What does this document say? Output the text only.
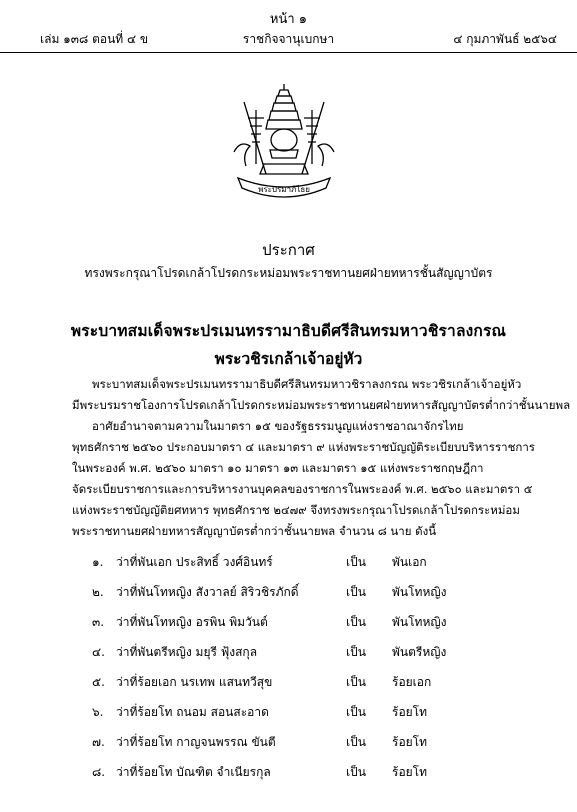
หน้า ๑
เล่ม ๑๓๘ ตอนที่ ๔ ข	ราชกิจจานุเบกษา	๔ กุมภาพันธ์ ๒๕๖๔
พระปรมาภิไธย
ประกาศ
ทรงพระกรุณาโปรดเกล้าโปรดกระหม่อมพระราชทานยศฝ่ายทหารชั้นสัญญาบัตร
พระบาทสมเด็จพระปรเมนทรรามาธิบดีศรีสินทรมหาวชิราลงกรณ
พระวชิรเกล้าเจ้าอยู่หัว
พระบาทสมเด็จพระปรเมนทรรามาธิบดีศรีสินทรมหาวชิราลงกรณ พระวชิรเกล้าเจ้าอยู่หัว
มีพระบรมราชโองการโปรดเกล้าโปรดกระหม่อมพระราชทานยศฝ่ายทหารสัญญาบัตรต่ำกว่าชั้นนายพล
อาศัยอำนาจตามความในมาตรา ๑๕ ของรัฐธรรมนูญแห่งราชอาณาจักรไทย
พุทธศักราช ๒๕๖๐ ประกอบมาตรา ๔ และมาตรา ๙ แห่งพระราชบัญญัติระเบียบบริหารราชการ
ในพระองค์ พ.ศ. ๒๕๖๐ มาตรา ๑๐ มาตรา ๑๓ และมาตรา ๑๕ แห่งพระราชกฤษฎีกา
จัดระเบียบราชการและการบริหารงานบุคคลของราชการในพระองค์ พ.ศ. ๒๕๖๐ และมาตรา ๕
แห่งพระราชบัญญัติยศทหาร พุทธศักราช ๒๔๗๙ จึงทรงพระกรุณาโปรดเกล้าโปรดกระหม่อม
พระราชทานยศฝ่ายทหารสัญญาบัตรต่ำกว่าชั้นนายพล จำนวน ๘ นาย ดังนี้
๑. ว่าที่พันเอก ประสิทธิ์ วงศ์อินทร์	เป็น พันเอก
๒. ว่าที่พันโทหญิง สังวาลย์ สิริวชิรภักดิ์	เป็น พันโทหญิง
๓. ว่าที่พันโทหญิง อรพิน พิมวันต์	เป็น พันโทหญิง
๔. ว่าที่พันตรีหญิง มยุรี ฟุ้งสกุล	เป็น พันตรีหญิง
๕. ว่าที่ร้อยเอก นรเทพ แสนทวีสุข	เป็น ร้อยเอก
๖. ว่าที่ร้อยโท ถนอม สอนสะอาด	เป็น ร้อยโท
๗. ว่าที่ร้อยโท กาญจนพรรณ ขันตี	เป็น ร้อยโท
๘. ว่าที่ร้อยโท บัณฑิต จำเนียรกุล	เป็น ร้อยโท
